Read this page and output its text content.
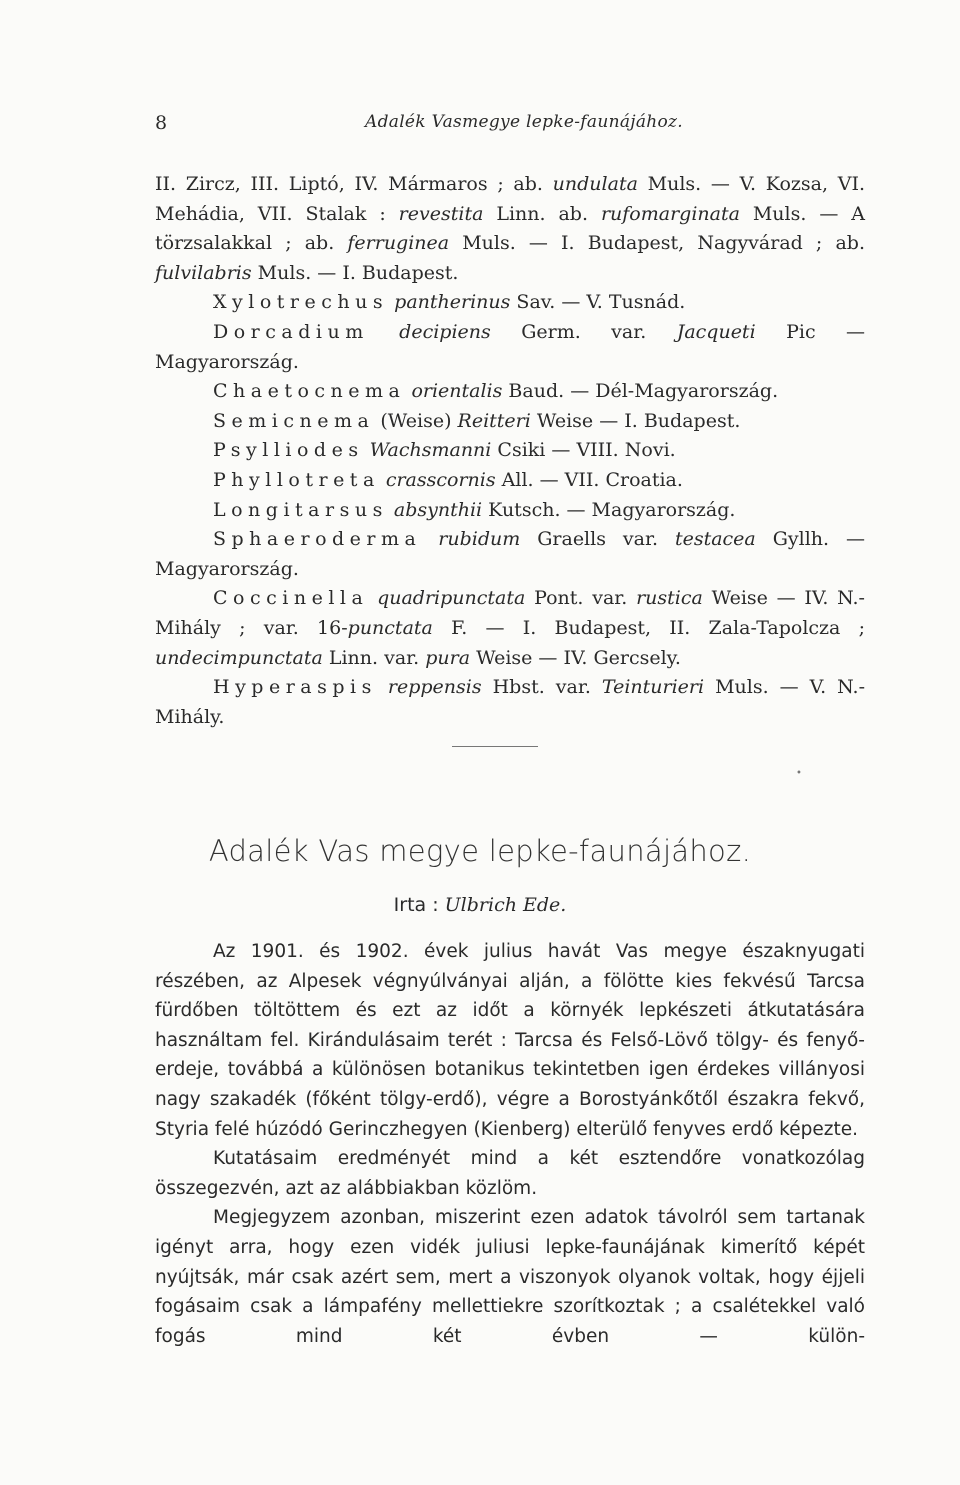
8	Adalék Vasmegye lepke-faunájához.
II. Zircz, III. Liptó, IV. Mármaros ; ab. undulata Muls. — V. Kozsa, VI. Mehádia, VII. Stalak : revestita Linn. ab. rufomarginata Muls. — A törzsalakkal ; ab. ferruginea Muls. — I. Budapest, Nagyvárad ; ab. fulvilabris Muls. — I. Budapest.
Xylotrechus pantherinus Sav. — V. Tusnád.
Dorcadium decipiens Germ. var. Jacqueti Pic — Magyarország.
Chaetocnema orientalis Baud. — Dél-Magyarország.
Semicnema (Weise) Reitteri Weise — I. Budapest.
Psylliodes Wachsmanni Csiki — VIII. Novi.
Phyllotreta crasscornis All. — VII. Croatia.
Longitarsus absynthii Kutsch. — Magyarország.
Sphaeroderma rubidum Graells var. testacea Gyllh. — Magyarország.
Coccinella quadripunctata Pont. var. rustica Weise — IV. N.-Mihály ; var. 16-punctata F. — I. Budapest, II. Zala-Tapolcza ; undecimpunctata Linn. var. pura Weise — IV. Gercsely.
Hyperaspis reppensis Hbst. var. Teinturieri Muls. — V. N.-Mihály.
•
Adalék Vas megye lepke-faunájához.
Irta : Ulbrich Ede.

Az 1901. és 1902. évek julius havát Vas megye északnyugati részében, az Alpesek végnyúlványai alján, a fölötte kies fekvésű Tarcsa fürdőben töltöttem és ezt az időt a környék lepkészeti átkutatására használtam fel. Kirándulásaim terét : Tarcsa és Felső-Lövő tölgy- és fenyő-erdeje, továbbá a különösen botanikus tekintetben igen érdekes villányosi nagy szakadék (főként tölgy-erdő), végre a Borostyánkőtől északra fekvő, Styria felé húzódó Gerinczhegyen (Kienberg) elterülő fenyves erdő képezte.

Kutatásaim eredményét mind a két esztendőre vonatkozólag összegezvén, azt az alábbiakban közlöm.

Megjegyzem azonban, miszerint ezen adatok távolról sem tartanak igényt arra, hogy ezen vidék juliusi lepke-faunájának kimerítő képét nyújtsák, már csak azért sem, mert a viszonyok olyanok voltak, hogy éjjeli fogásaim csak a lámpafény mellettiekre szorítkoztak ; a csalétekkel való fogás mind két évben — külön-
